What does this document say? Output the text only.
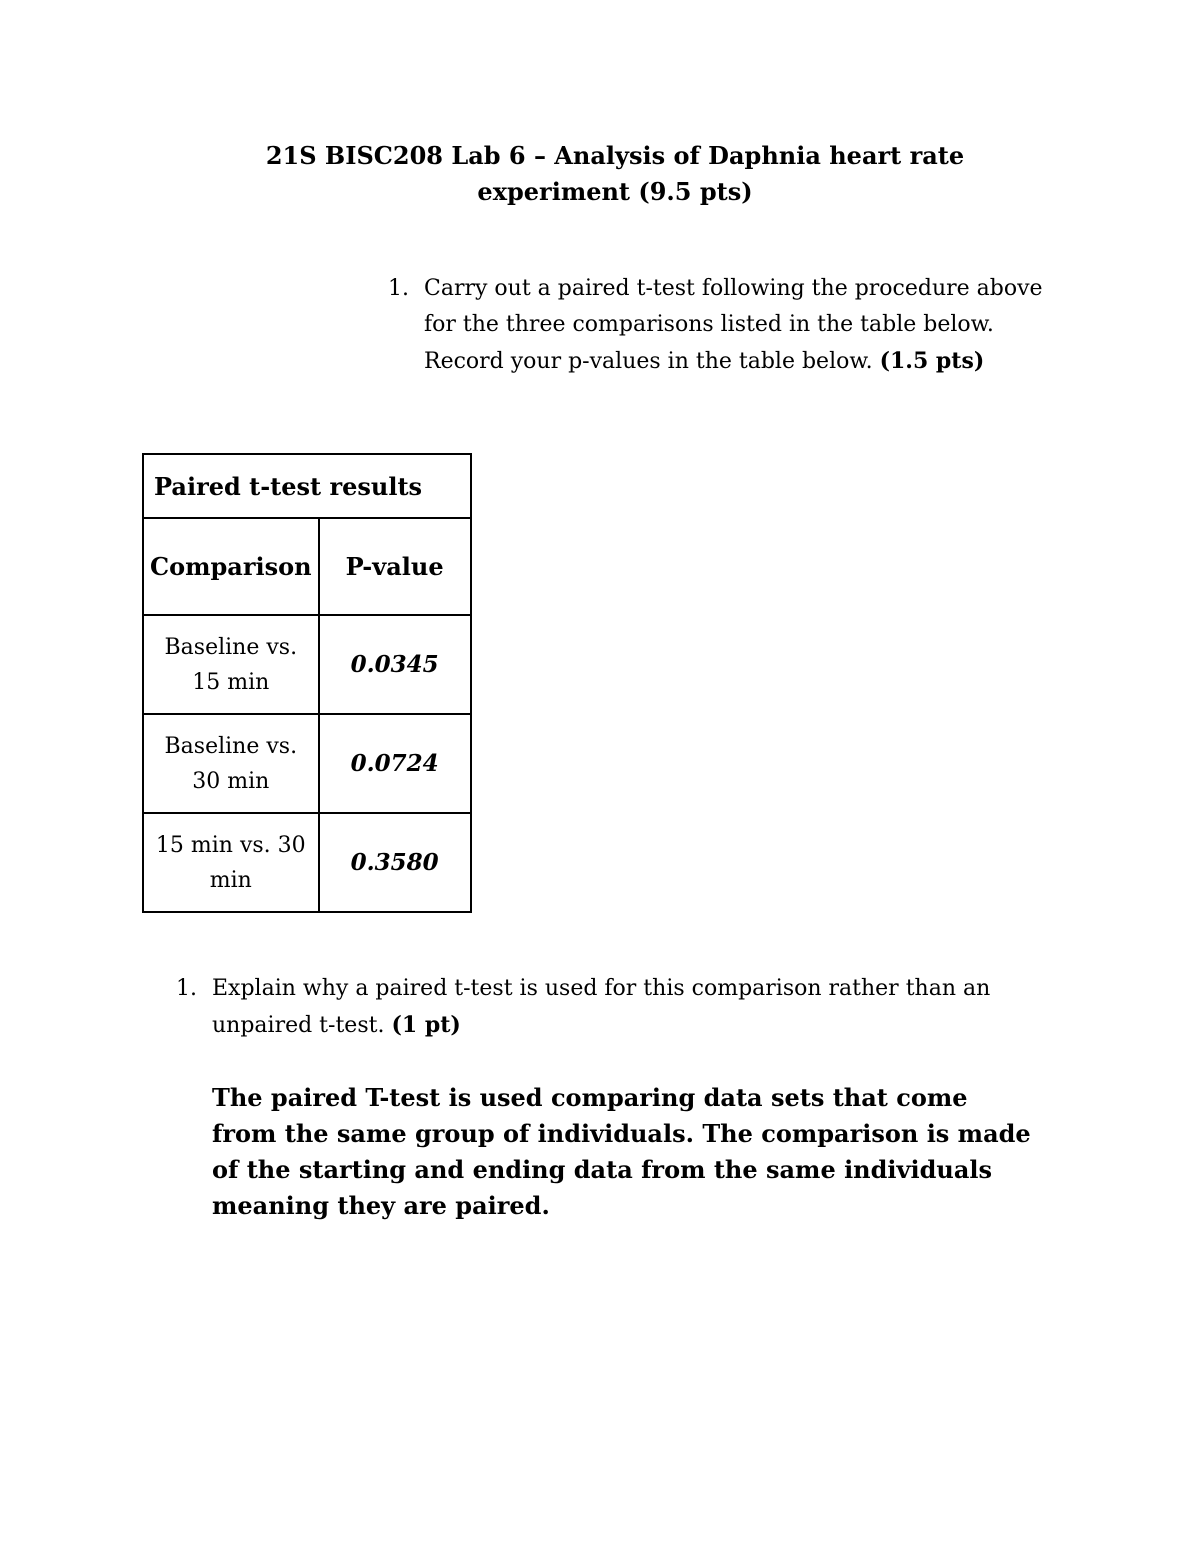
21S BISC208 Lab 6 – Analysis of Daphnia heart rate
experiment (9.5 pts)
1. Carry out a paired t-test following the procedure above for the three comparisons listed in the table below. Record your p-values in the table below. (1.5 pts)
Paired t-test results	
Comparison	P-value
Baseline vs. 15 min	0.0345
Baseline vs. 30 min	0.0724
15 min vs. 30 min	0.3580
1. Explain why a paired t-test is used for this comparison rather than an unpaired t-test. (1 pt)
The paired T-test is used comparing data sets that come from the same group of individuals. The comparison is made of the starting and ending data from the same individuals meaning they are paired.
